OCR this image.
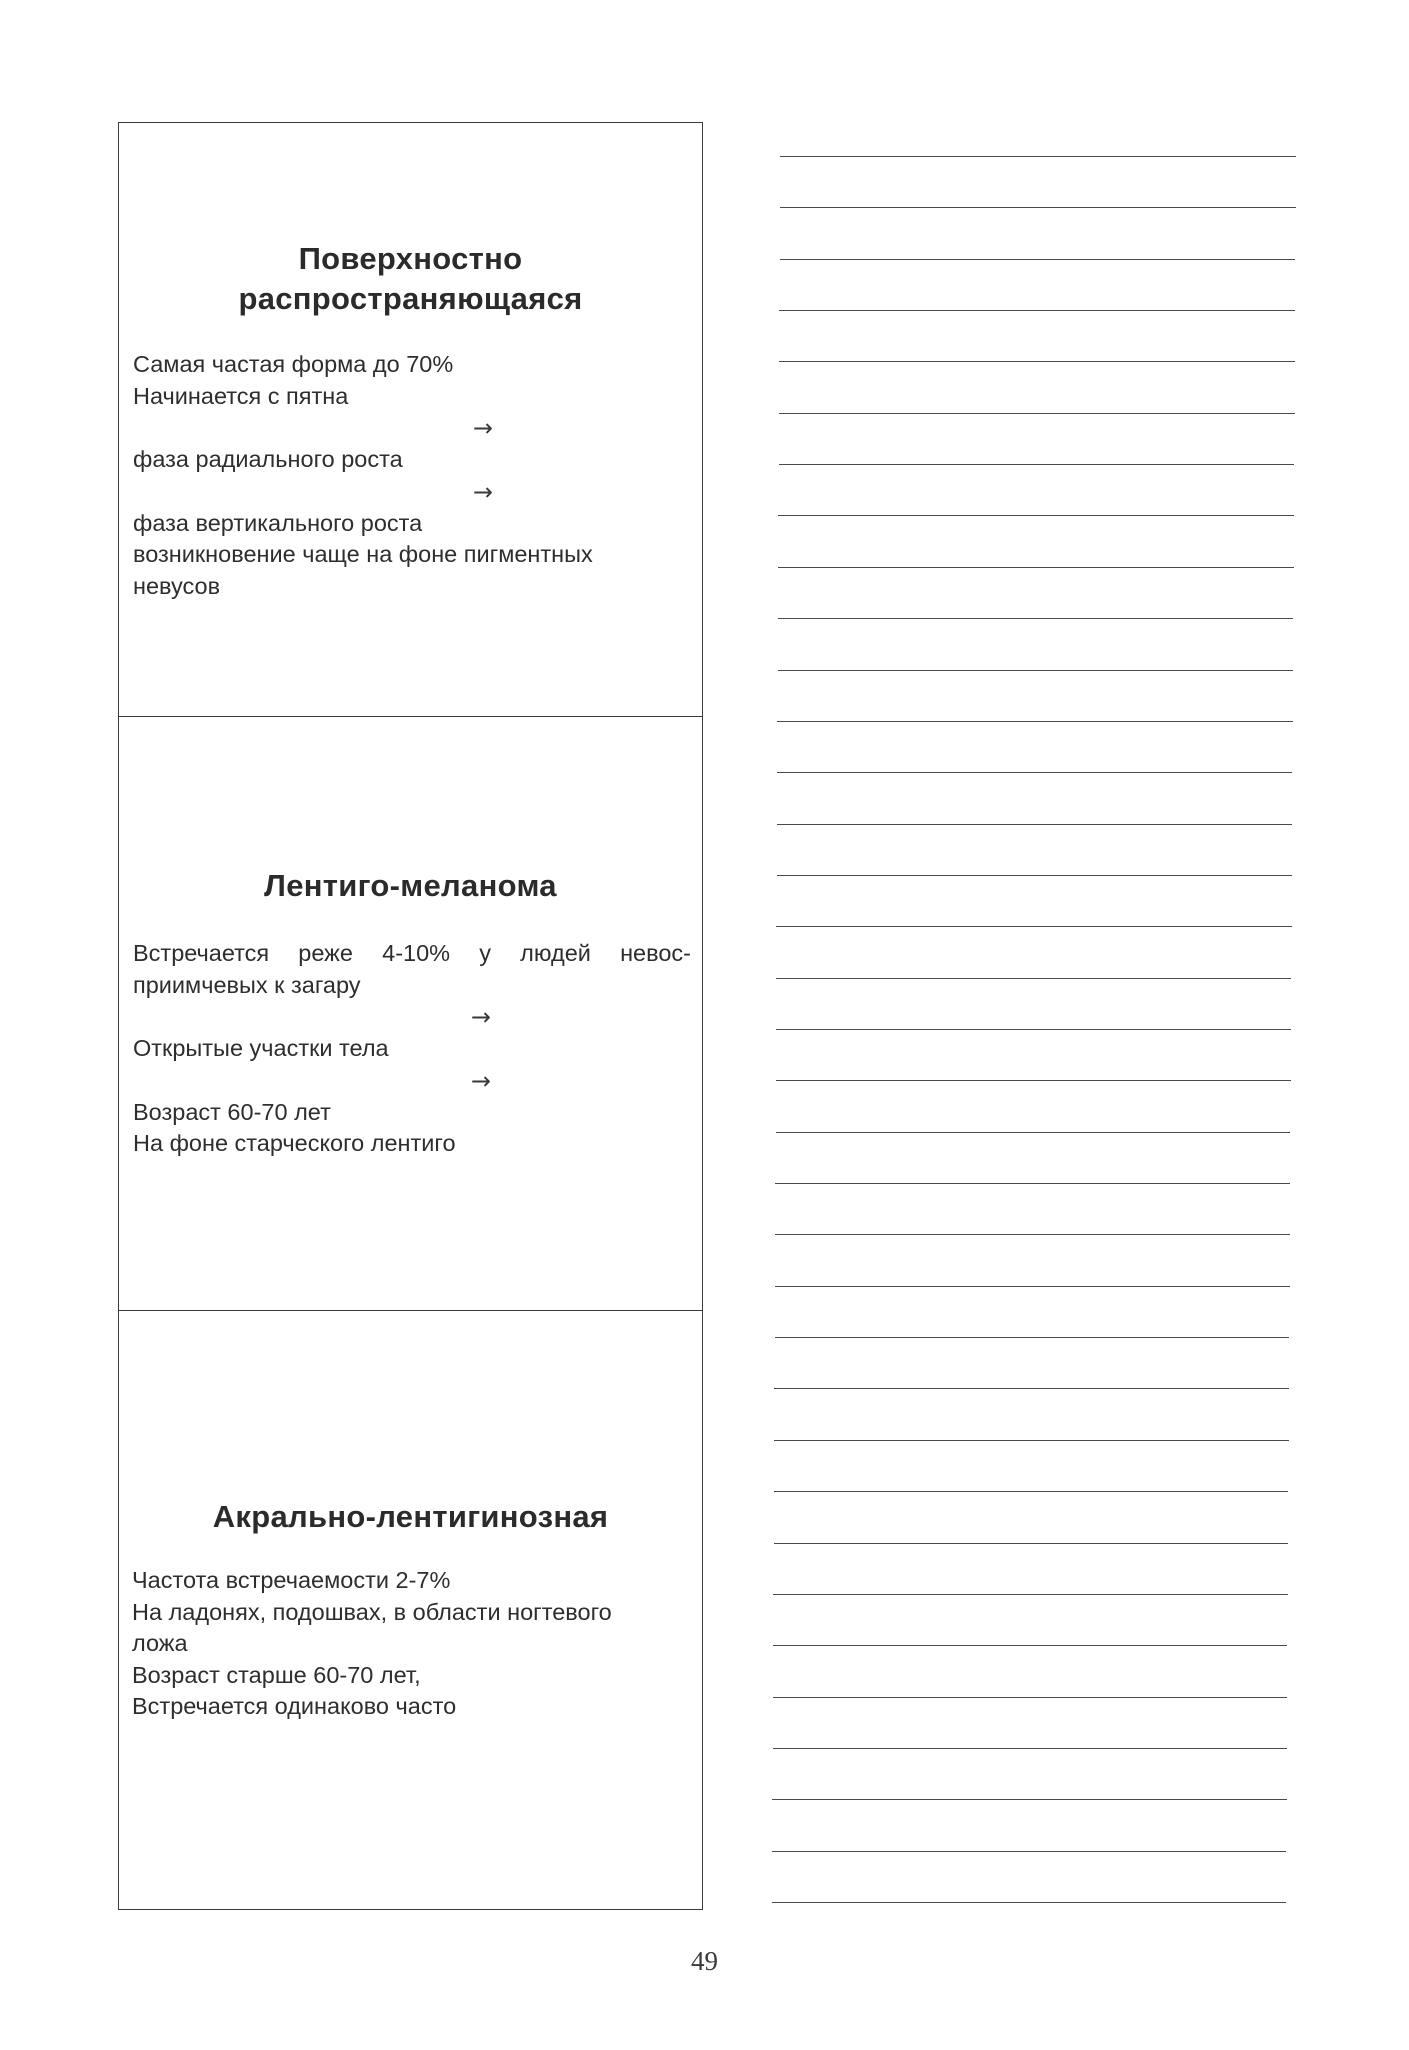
Поверхностно
распространяющаяся
Самая частая форма до 70%
Начинается с пятна
→
фаза радиального роста
→
фаза вертикального роста
возникновение чаще на фоне пигментных
невусов
Лентиго-меланома
Встречается реже 4-10% у людей невос-
приимчевых к загару
→
Открытые участки тела
→
Возраст 60-70 лет
На фоне старческого лентиго
Акрально-лентигинозная
Частота встречаемости 2-7%
На ладонях, подошвах, в области ногтевого
ложа
Возраст старше 60-70 лет,
Встречается одинаково часто
49
